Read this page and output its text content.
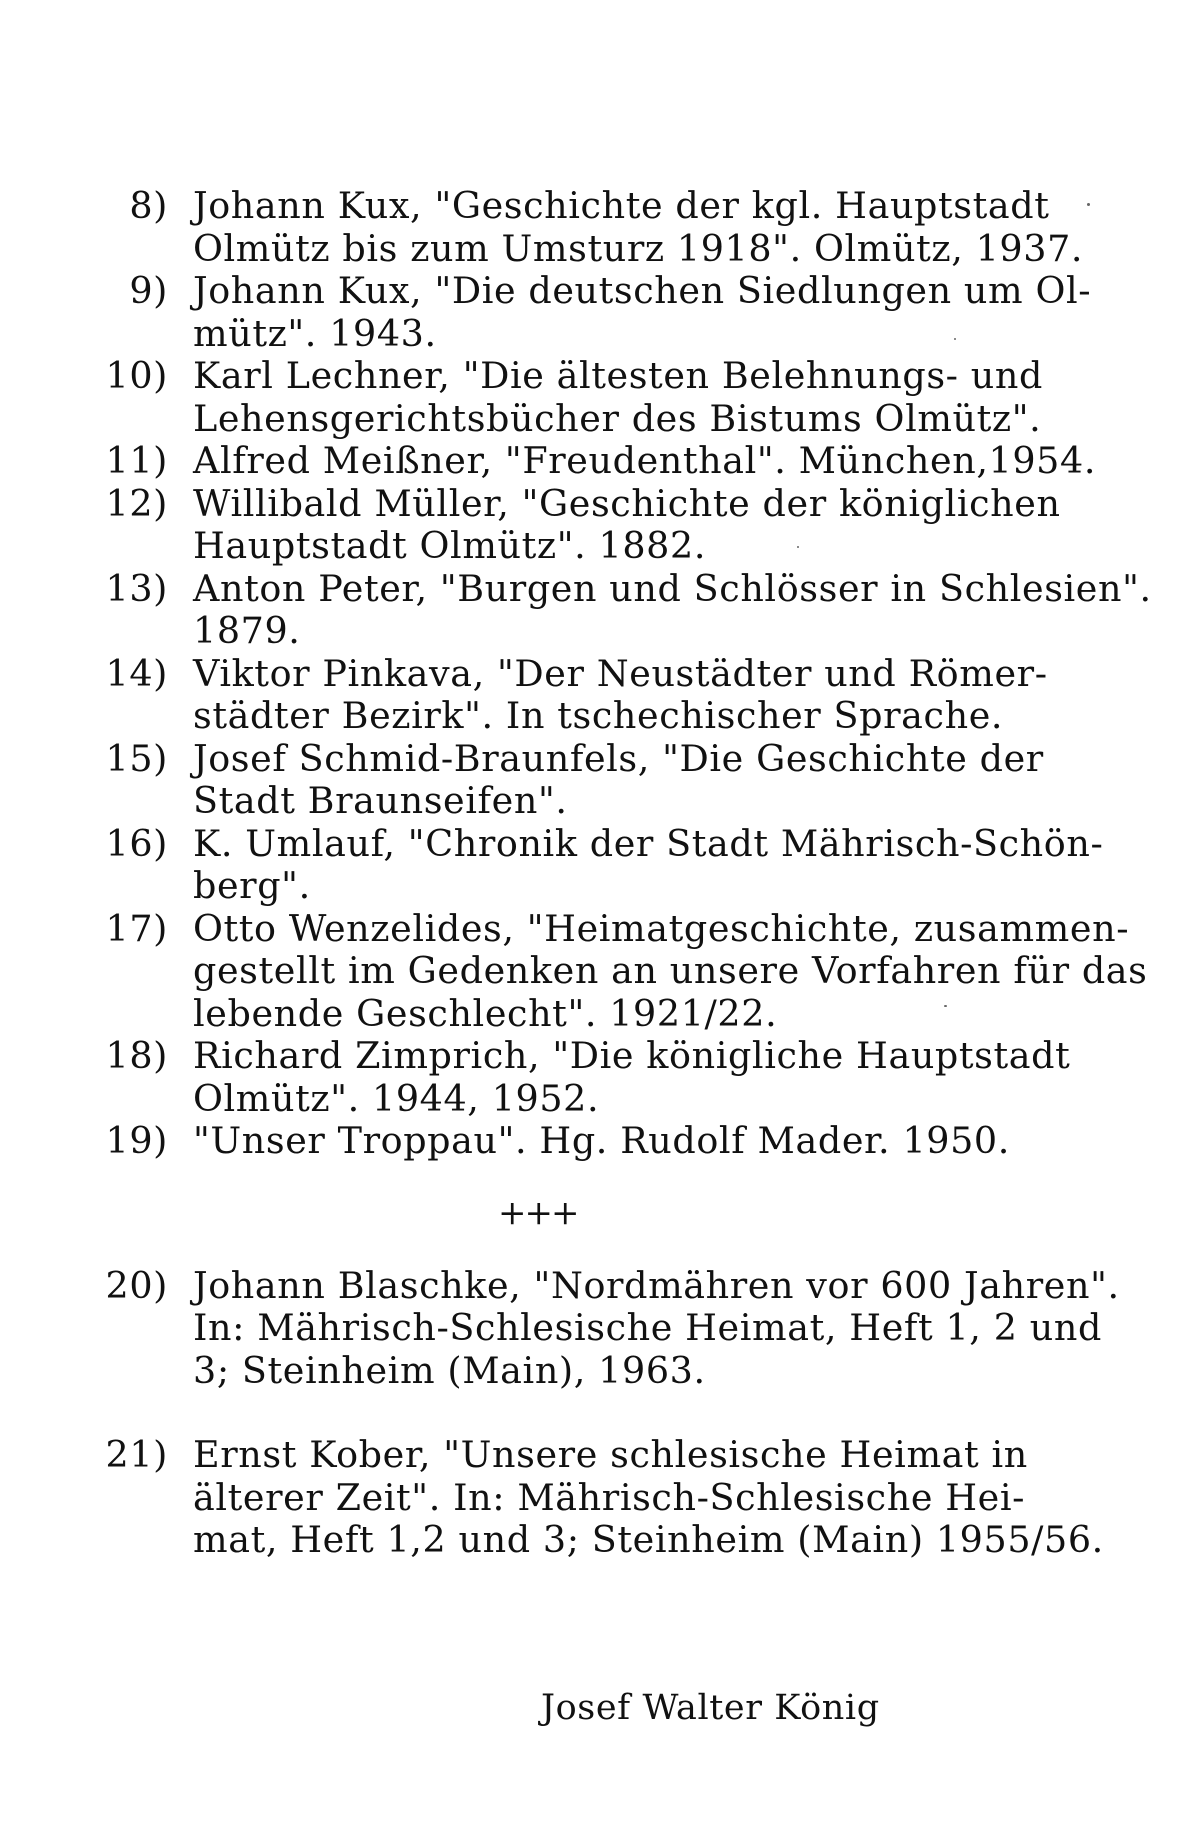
8) Johann Kux, "Geschichte der kgl. Hauptstadt
Olmütz bis zum Umsturz 1918". Olmütz, 1937.
9) Johann Kux, "Die deutschen Siedlungen um Ol-
mütz". 1943.
10) Karl Lechner, "Die ältesten Belehnungs- und
Lehensgerichtsbücher des Bistums Olmütz".
11) Alfred Meißner, "Freudenthal". München,1954.
12) Willibald Müller, "Geschichte der königlichen
Hauptstadt Olmütz". 1882.
13) Anton Peter, "Burgen und Schlösser in Schlesien".
1879.
14) Viktor Pinkava, "Der Neustädter und Römer-
städter Bezirk". In tschechischer Sprache.
15) Josef Schmid-Braunfels, "Die Geschichte der
Stadt Braunseifen".
16) K. Umlauf, "Chronik der Stadt Mährisch-Schön-
berg".
17) Otto Wenzelides, "Heimatgeschichte, zusammen-
gestellt im Gedenken an unsere Vorfahren für das
lebende Geschlecht". 1921/22.
18) Richard Zimprich, "Die königliche Hauptstadt
Olmütz". 1944, 1952.
19) "Unser Troppau". Hg. Rudolf Mader. 1950.
+++
20) Johann Blaschke, "Nordmähren vor 600 Jahren".
In: Mährisch-Schlesische Heimat, Heft 1, 2 und
3; Steinheim (Main), 1963.
21) Ernst Kober, "Unsere schlesische Heimat in
älterer Zeit". In: Mährisch-Schlesische Hei-
mat, Heft 1,2 und 3; Steinheim (Main) 1955/56.
Josef Walter König
